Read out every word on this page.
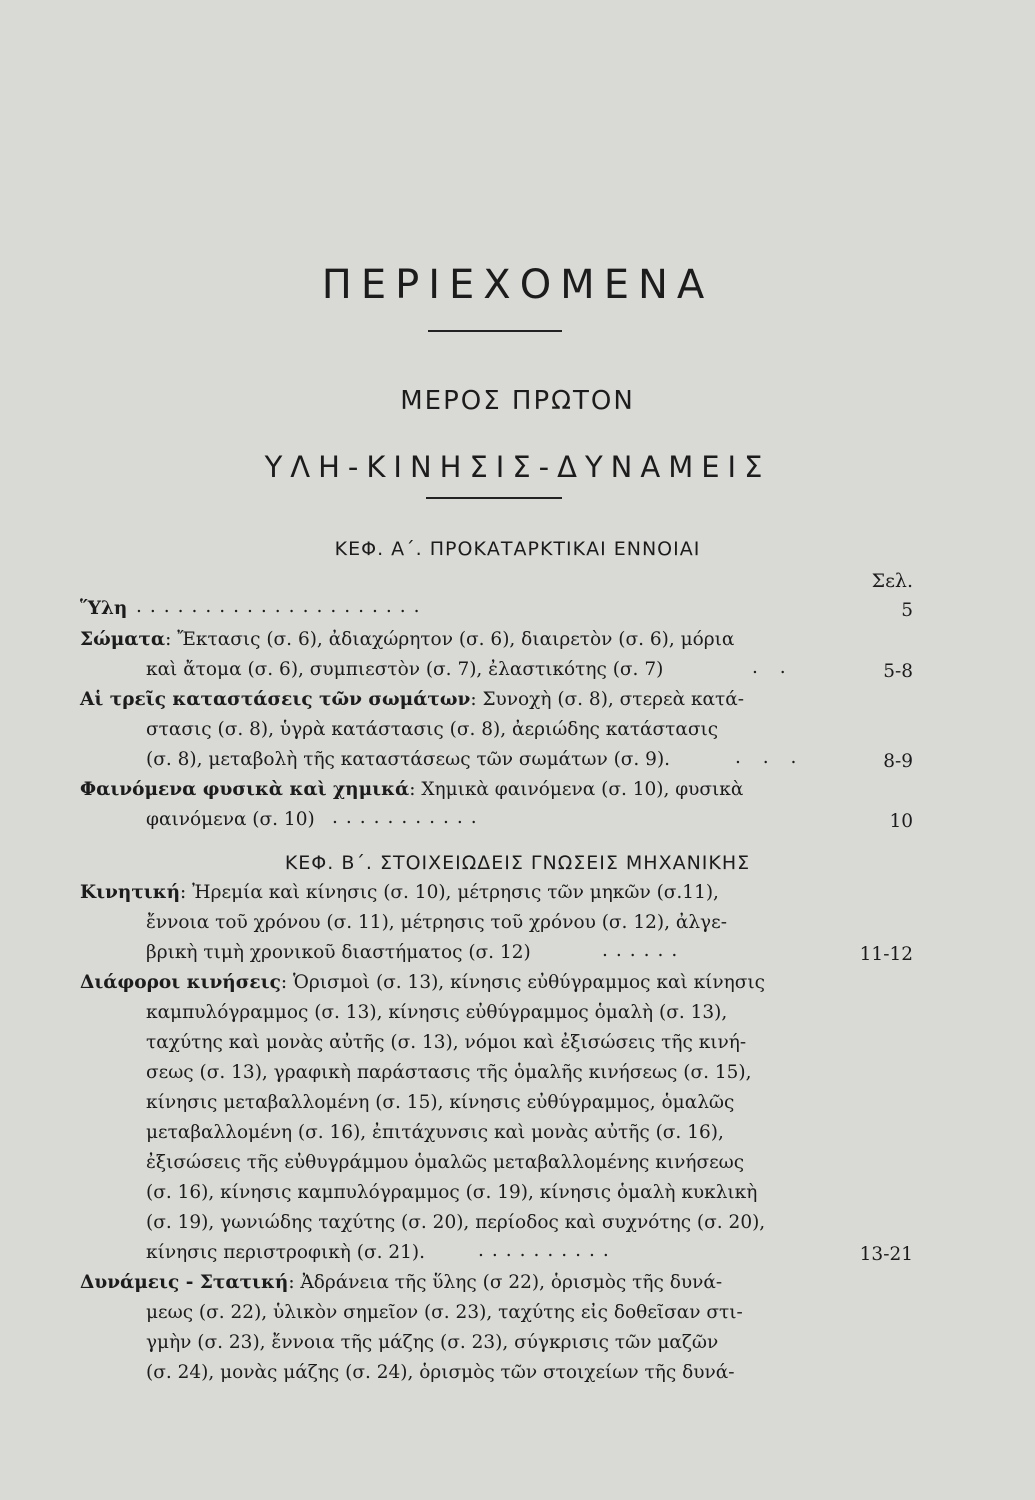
ΠΕΡΙΕΧΟΜΕΝΑ
ΜΕΡΟΣ ΠΡΩΤΟΝ
ΥΛΗ-ΚΙΝΗΣΙΣ-ΔΥΝΑΜΕΙΣ
ΚΕΦ. Α΄. ΠΡΟΚΑΤΑΡΚΤΙΚΑΙ ΕΝΝΟΙΑΙ
Σελ.
Ὕλη .....................	5
Σώματα: Ἔκτασις (σ. 6), ἀδιαχώρητον (σ. 6), διαιρετὸν (σ. 6), μόρια
καὶ ἄτομα (σ. 6), συμπιεστὸν (σ. 7), ἐλαστικότης (σ. 7)	. .	5-8
Αἱ τρεῖς καταστάσεις τῶν σωμάτων: Συνοχὴ (σ. 8), στερεὰ κατά-
στασις (σ. 8), ὑγρὰ κατάστασις (σ. 8), ἀεριώδης κατάστασις
(σ. 8), μεταβολὴ τῆς καταστάσεως τῶν σωμάτων (σ. 9).	. . .	8-9
Φαινόμενα φυσικὰ καὶ χημικά: Χημικὰ φαινόμενα (σ. 10), φυσικὰ
φαινόμενα (σ. 10) ...........	10
ΚΕΦ. Β΄. ΣΤΟΙΧΕΙΩΔΕΙΣ ΓΝΩΣΕΙΣ ΜΗΧΑΝΙΚΗΣ
Κινητική: Ἠρεμία καὶ κίνησις (σ. 10), μέτρησις τῶν μηκῶν (σ.11),
ἔννοια τοῦ χρόνου (σ. 11), μέτρησις τοῦ χρόνου (σ. 12), ἀλγε-
βρικὴ τιμὴ χρονικοῦ διαστήματος (σ. 12)	......	11-12
Διάφοροι κινήσεις: Ὁρισμοὶ (σ. 13), κίνησις εὐθύγραμμος καὶ κίνησις
καμπυλόγραμμος (σ. 13), κίνησις εὐθύγραμμος ὁμαλὴ (σ. 13),
ταχύτης καὶ μονὰς αὐτῆς (σ. 13), νόμοι καὶ ἐξισώσεις τῆς κινή-
σεως (σ. 13), γραφικὴ παράστασις τῆς ὁμαλῆς κινήσεως (σ. 15),
κίνησις μεταβαλλομένη (σ. 15), κίνησις εὐθύγραμμος, ὁμαλῶς
μεταβαλλομένη (σ. 16), ἐπιτάχυνσις καὶ μονὰς αὐτῆς (σ. 16),
ἐξισώσεις τῆς εὐθυγράμμου ὁμαλῶς μεταβαλλομένης κινήσεως
(σ. 16), κίνησις καμπυλόγραμμος (σ. 19), κίνησις ὁμαλὴ κυκλικὴ
(σ. 19), γωνιώδης ταχύτης (σ. 20), περίοδος καὶ συχνότης (σ. 20),
κίνησις περιστροφικὴ (σ. 21).	..........	13-21
Δυνάμεις - Στατική: Ἀδράνεια τῆς ὕλης (σ 22), ὁρισμὸς τῆς δυνά-
μεως (σ. 22), ὑλικὸν σημεῖον (σ. 23), ταχύτης εἰς δοθεῖσαν στι-
γμὴν (σ. 23), ἔννοια τῆς μάζης (σ. 23), σύγκρισις τῶν μαζῶν
(σ. 24), μονὰς μάζης (σ. 24), ὁρισμὸς τῶν στοιχείων τῆς δυνά-
